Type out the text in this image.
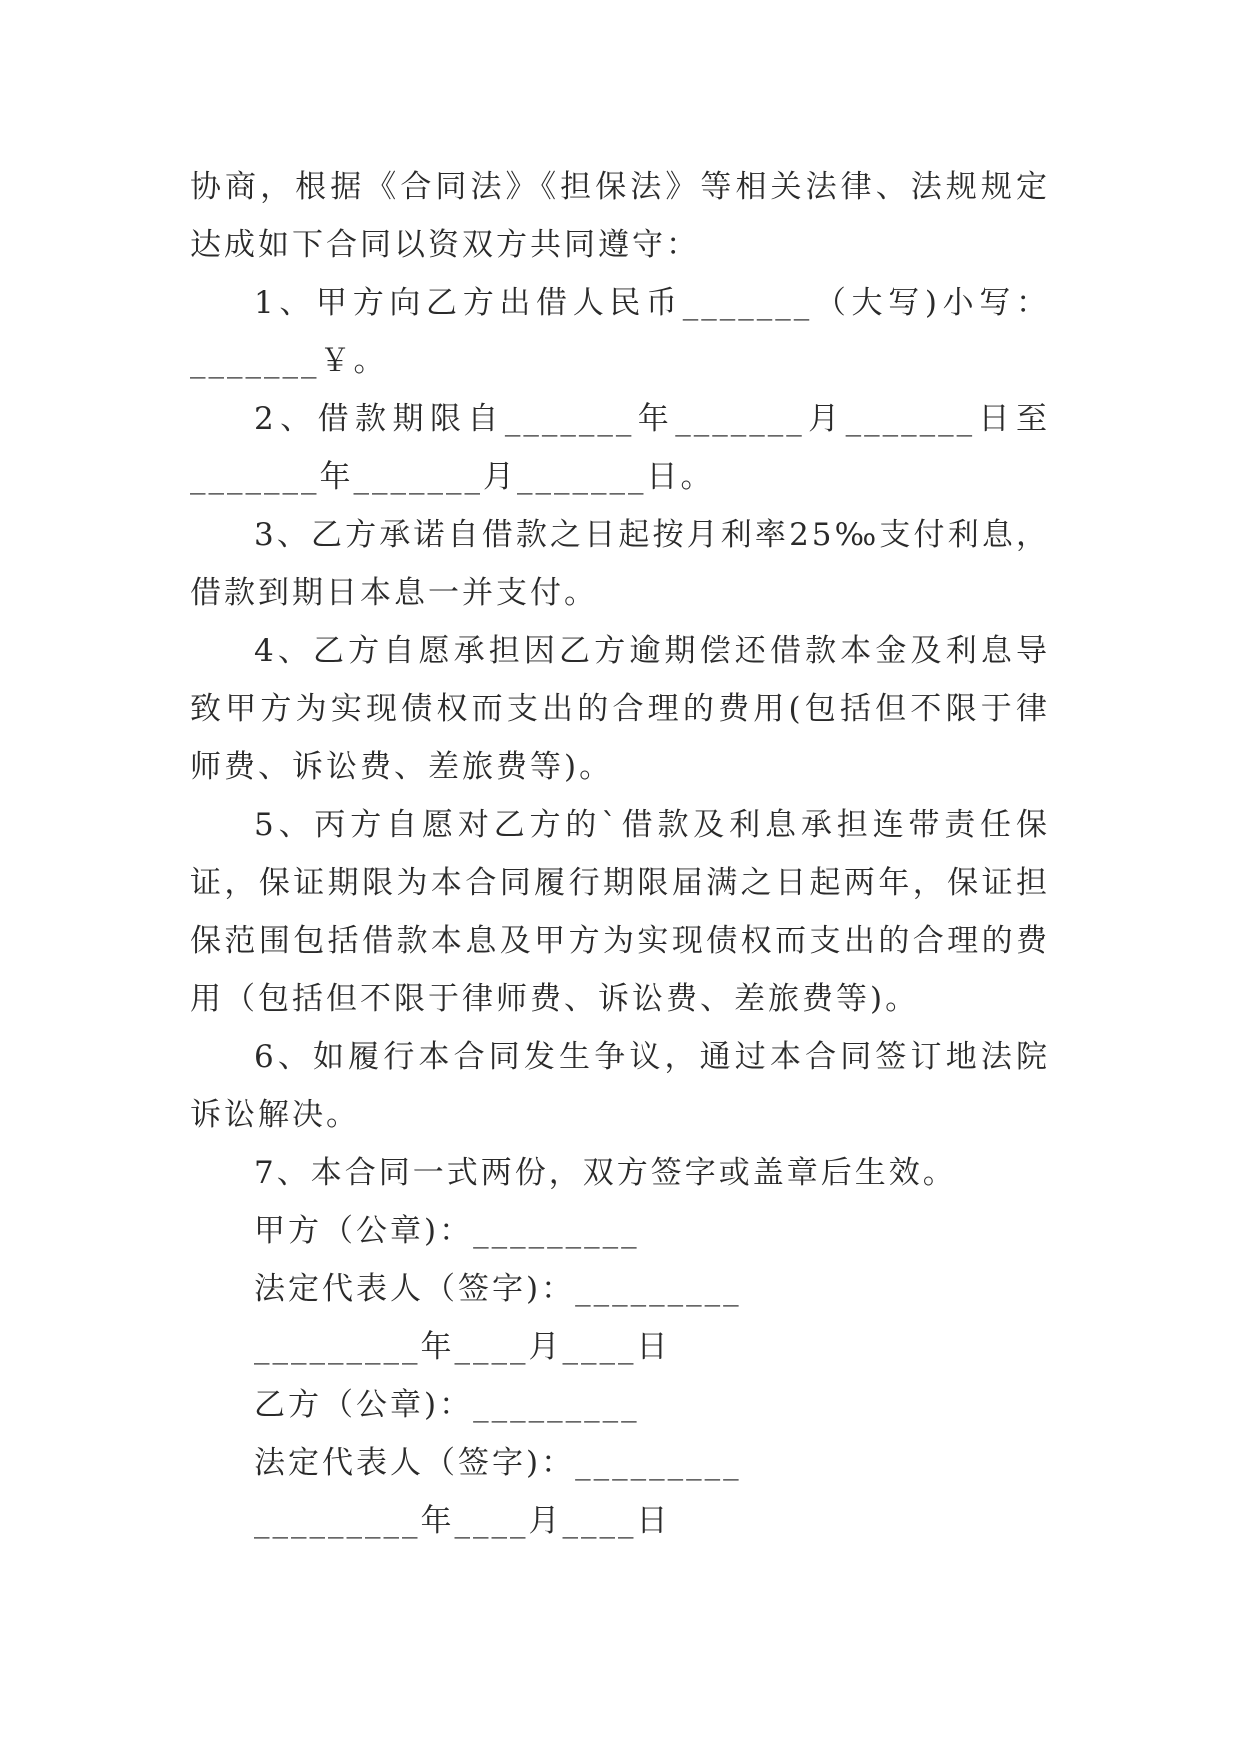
协商，根据《合同法》《担保法》等相关法律、法规规定达成如下合同以资双方共同遵守：

1、甲方向乙方出借人民币_______（大写)小写：_______￥。

2、借款期限自_______年_______月_______日至_______年_______月_______日。

3、乙方承诺自借款之日起按月利率25‰支付利息，借款到期日本息一并支付。

4、乙方自愿承担因乙方逾期偿还借款本金及利息导致甲方为实现债权而支出的合理的费用(包括但不限于律师费、诉讼费、差旅费等)。

5、丙方自愿对乙方的`借款及利息承担连带责任保证，保证期限为本合同履行期限届满之日起两年，保证担保范围包括借款本息及甲方为实现债权而支出的合理的费用（包括但不限于律师费、诉讼费、差旅费等)。

6、如履行本合同发生争议，通过本合同签订地法院诉讼解决。

7、本合同一式两份，双方签字或盖章后生效。

甲方（公章)：_________

法定代表人（签字)：_________

_________年____月____日

乙方（公章)：_________

法定代表人（签字)：_________

_________年____月____日
